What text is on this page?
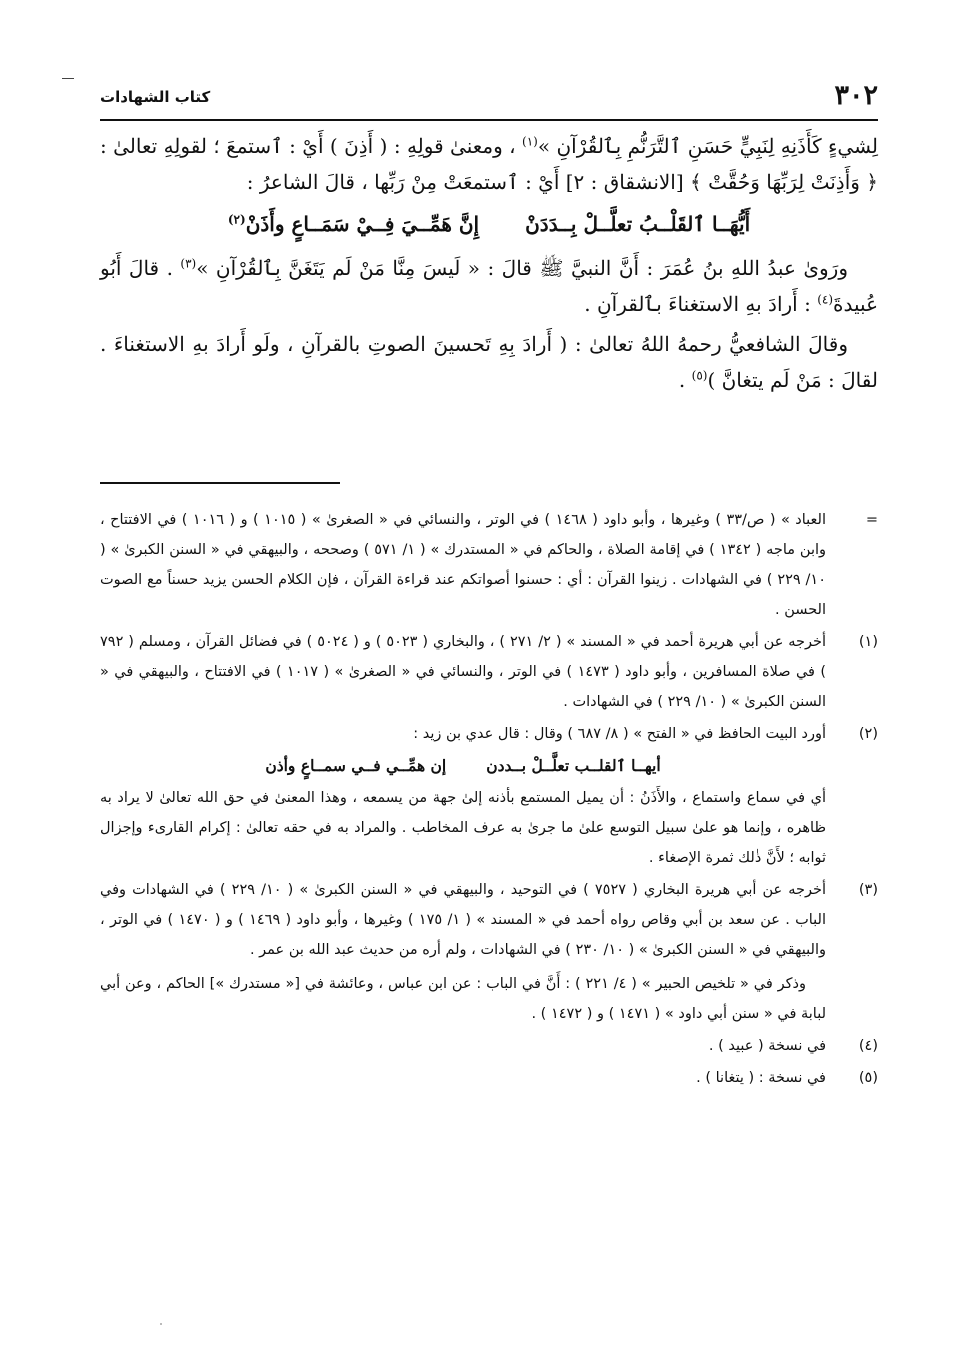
٣٠٢
كتاب الشهادات

لِشيءٍ كَأَذَنِهِ لِنَبِيٍّ حَسَنِ ٱلتَّرَنُّمِ بِٱلقُرْآنِ »$^{(١)}$ ، ومعنىٰ قولِهِ : ( أَذِنَ ) أَيْ : ٱستمعَ ؛ لقولِهِ تعالىٰ : ﴿ وَأَذِنَتْ لِرَبِّهَا وَحُقَّتْ ﴾ [الانشقاق : ٢] أَيْ : ٱستمعَتْ مِنْ رَبِّها ، قالَ الشاعرُ :

أَيُّهَــا ٱلقَلْــبُ تعلَّــلْ بِــدَدَنْ
إِنَّ هَمِّــيَ فِــيْ سَمَــاعٍ وأَذَنْ$^{(٢)}$

ورَوىٰ عبدُ اللهِ بنُ عُمَرَ : أَنَّ النبيَّ ﷺ قالَ : « لَيسَ مِنَّا مَنْ لَم يَتَغَنَّ بِٱلقُرْآنِ »$^{(٣)}$ . قالَ أَبُو عُبيدةَ$^{(٤)}$ : أَرادَ بهِ الاستغناءَ بٱلقرآنِ .

وقالَ الشافعيُّ رحمهُ اللهُ تعالىٰ : ( أَرادَ بِهِ تَحسينَ الصوتِ بالقرآنِ ، ولَو أَرادَ بهِ الاستغناءَ . لقالَ : مَنْ لَم يتغانَّ )$^{(٥)}$ .

=

العباد » ( ص/٣٣ ) وغيرها ، وأبو داود ( ١٤٦٨ ) في الوتر ، والنسائي في « الصغرىٰ » ( ١٠١٥ ) و ( ١٠١٦ ) في الافتتاح ، وابن ماجه ( ١٣٤٢ ) في إقامة الصلاة ، والحاكم في « المستدرك » ( ١/ ٥٧١ ) وصححه ، والبيهقي في « السنن الكبرىٰ » ( ١٠/ ٢٢٩ ) في الشهادات . زينوا القرآن : أي : حسنوا أصواتكم عند قراءة القرآن ، فإن الكلام الحسن يزيد حسناً مع الصوت الحسن .

(١)

أخرجه عن أبي هريرة أحمد في « المسند » ( ٢/ ٢٧١ ) ، والبخاري ( ٥٠٢٣ ) و ( ٥٠٢٤ ) في فضائل القرآن ، ومسلم ( ٧٩٢ ) في صلاة المسافرين ، وأبو داود ( ١٤٧٣ ) في الوتر ، والنسائي في « الصغرىٰ » ( ١٠١٧ ) في الافتتاح ، والبيهقي في « السنن الكبرىٰ » ( ١٠/ ٢٢٩ ) في الشهادات .

(٢)

أورد البيت الحافظ في « الفتح » ( ٨/ ٦٨٧ ) وقال : قال عدي بن زيد :

أيهــا ٱلقلــب تعلَّــلْ بــددن
إن همِّــي فــي سمــاعٍ وأذن

أي في سماع واستماع ، والأَذَنُ : أن يميل المستمع بأذنه إلىٰ جهة من يسمعه ، وهذا المعنىٰ في حق الله تعالىٰ لا يراد به ظاهره ، وإنما هو علىٰ سبيل التوسع علىٰ ما جرىٰ به عرف المخاطب . والمراد به في حقه تعالىٰ : إكرام القارىء وإجزال ثوابه ؛ لأَنَّ ذٰلك ثمرة الإصغاء .

(٣)

أخرجه عن أبي هريرة البخاري ( ٧٥٢٧ ) في التوحيد ، والبيهقي في « السنن الكبرىٰ » ( ١٠/ ٢٢٩ ) في الشهادات وفي الباب . عن سعد بن أبي وقاص رواه أحمد في « المسند » ( ١/ ١٧٥ ) وغيرها ، وأبو داود ( ١٤٦٩ ) و ( ١٤٧٠ ) في الوتر ، والبيهقي في « السنن الكبرىٰ » ( ١٠/ ٢٣٠ ) في الشهادات ، ولم أره من حديث عبد الله بن عمر .

وذكر في « تلخيص الحبير » ( ٤/ ٢٢١ ) : أَنَّ في الباب : عن ابن عباس ، وعائشة في [« مستدرك »] الحاكم ، وعن أبي لبابة في « سنن أبي داود » ( ١٤٧١ ) و ( ١٤٧٢ ) .

(٤)

في نسخة ( عبيد ) .

(٥)

في نسخة : ( يتغانا ) .
